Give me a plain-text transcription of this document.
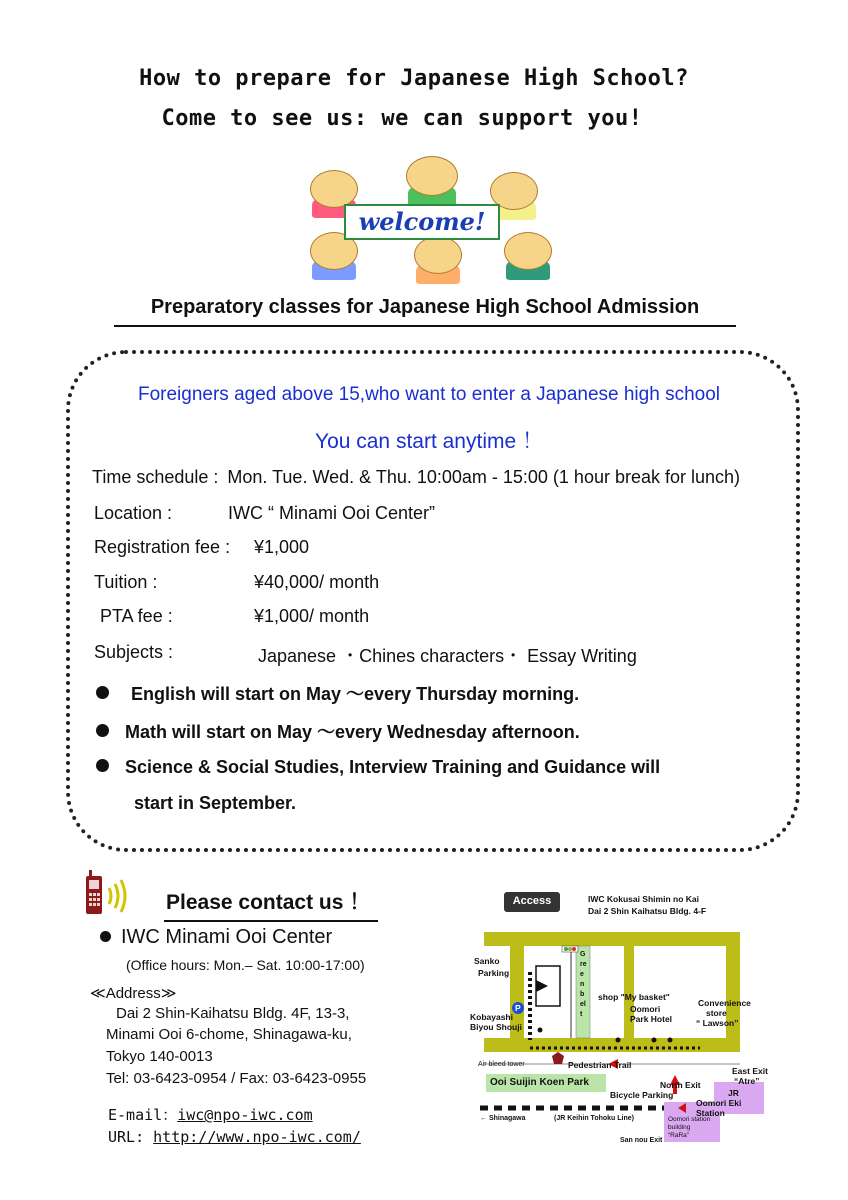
How to prepare for Japanese High School?
Come to see us: we can support you!
welcome!
Preparatory classes for Japanese High School Admission
Foreigners aged above 15,who want to enter a Japanese high school
You can start anytime ！
Time schedule : Mon. Tue. Wed. & Thu. 10:00am - 15:00 (1 hour break for lunch)
Location :	IWC “ Minami Ooi Center”
Registration fee : ¥1,000
Tuition :	¥40,000/ month
PTA fee :	¥1,000/ month
Subjects :	Japanese ・Chines characters・ Essay Writing
English will start on May ～every Thursday morning.
Math will start on May ～every Wednesday afternoon.
Science & Social Studies, Interview Training and Guidance will
start in September.
Please contact us ！
IWC Minami Ooi Center
(Office hours: Mon.– Sat. 10:00-17:00)
≪Address≫
Dai 2 Shin-Kaihatsu Bldg. 4F, 13-3,
Minami Ooi 6-chome, Shinagawa-ku,
Tokyo 140-0013
Tel: 03-6423-0954 / Fax: 03-6423-0955
E-mail：iwc@npo-iwc.com
URL: http://www.npo-iwc.com/
Access	IWC Kokusai Shimin no Kai
Dai 2 Shin Kaihatsu Bldg. 4-F
Sanko
Parking
P
Greenbelt
shop "My basket"
Oomori
Park Hotel
Convenience
store
“ Lawson”
Kobayashi
Biyou Shouji
Air bleed tower	Pedestrian Trail
Ooi Suijin Koen Park
Bicycle Parking
North Exit
East Exit
“Atre”
JR
Oomori Eki Station
← Shinagawa	(JR Keihin Tohoku Line)	Oomori station
building
“RaRa”
San nou Exit
